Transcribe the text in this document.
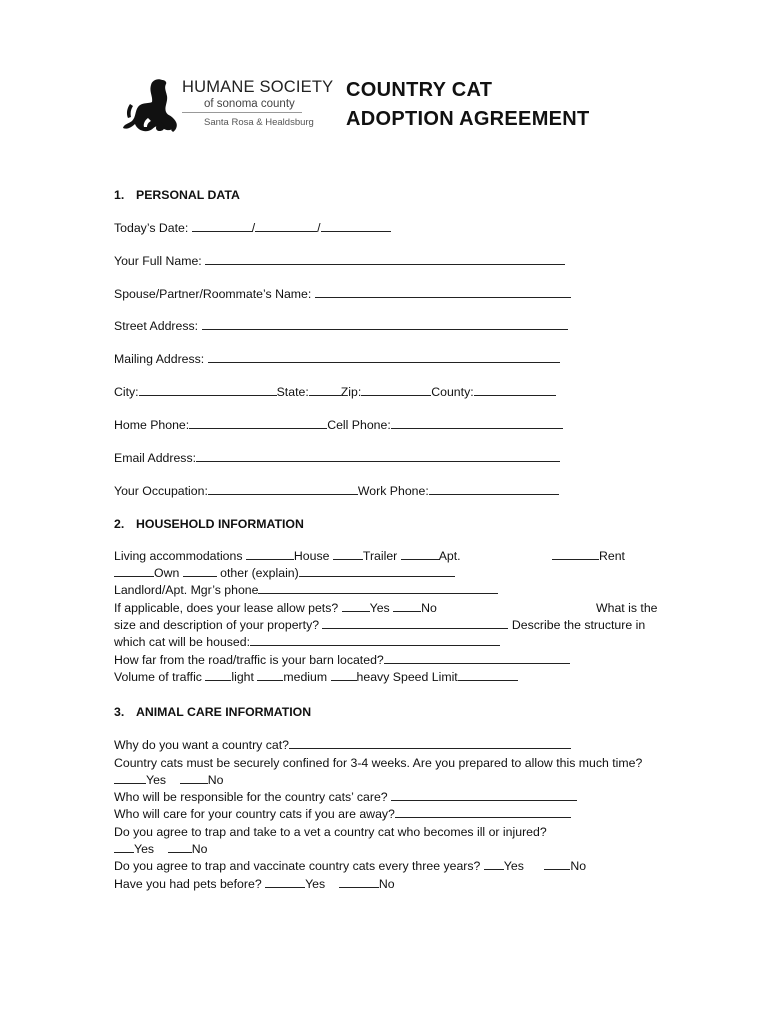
HUMANE SOCIETY
of sonoma county
Santa Rosa & Healdsburg
COUNTRY CAT
ADOPTION AGREEMENT
1. PERSONAL DATA
Today’s Date:	/	/
Your Full Name:
Spouse/Partner/Roommate’s Name:
Street Address:
Mailing Address:
City:	State:	Zip:	County:
Home Phone:	Cell Phone:
Email Address:
Your Occupation:	Work Phone:
2. HOUSEHOLD INFORMATION
Living accommodations	House	Trailer	Apt.	Rent
Own	other (explain)
Landlord/Apt. Mgr’s phone
If applicable, does your lease allow pets?	Yes	No	What is the
size and description of your property?	Describe the structure in
which cat will be housed:
How far from the road/traffic is your barn located?
Volume of traffic light medium heavy Speed Limit
3. ANIMAL CARE INFORMATION
Why do you want a country cat?
Country cats must be securely confined for 3-4 weeks. Are you prepared to allow this much time?
Yes	No
Who will be responsible for the country cats’ care?
Who will care for your country cats if you are away?
Do you agree to trap and take to a vet a country cat who becomes ill or injured?
Yes	No
Do you agree to trap and vaccinate country cats every three years? Yes	No
Have you had pets before?	Yes	No
